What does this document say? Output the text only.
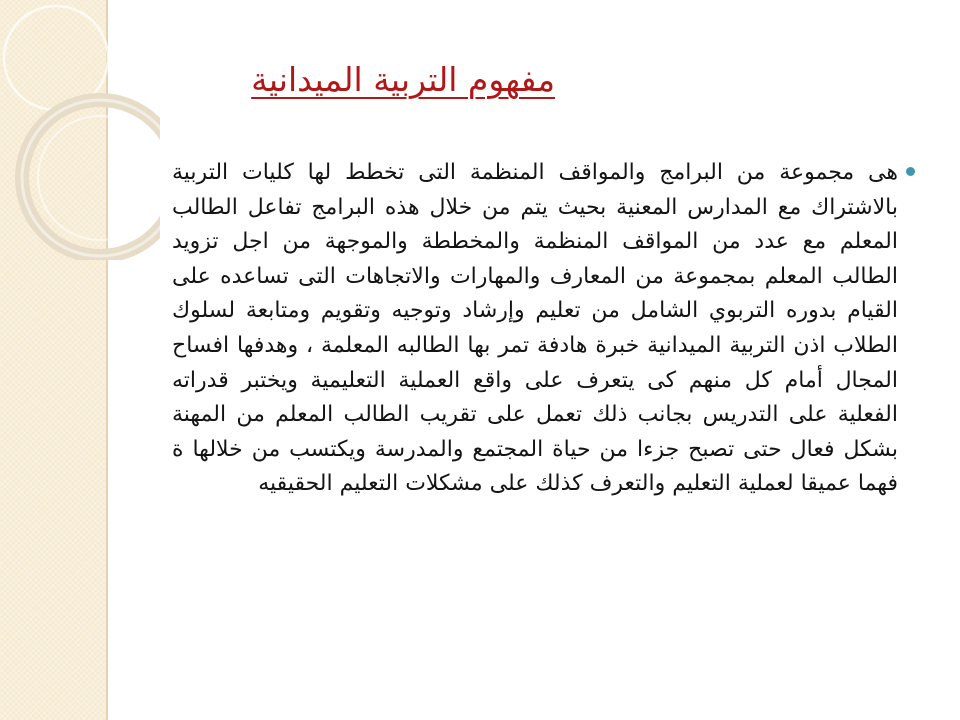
مفهوم التربية الميدانية

هى مجموعة من البرامج والمواقف المنظمة التى تخطط لها كليات التربية بالاشتراك مع المدارس المعنية بحيث يتم من خلال هذه البرامج تفاعل الطالب المعلم مع عدد من المواقف المنظمة والمخططة والموجهة من اجل تزويد الطالب المعلم بمجموعة من المعارف والمهارات والاتجاهات التى تساعده على القيام بدوره التربوي الشامل من تعليم وإرشاد وتوجيه وتقويم ومتابعة لسلوك الطلاب اذن التربية الميدانية خبرة هادفة تمر بها الطالبه المعلمة ، وهدفها افساح المجال أمام كل منهم كى يتعرف على واقع العملية التعليمية ويختبر قدراته الفعلية على التدريس بجانب ذلك تعمل على تقريب الطالب المعلم من المهنة بشكل فعال حتى تصبح جزءا من حياة المجتمع والمدرسة ويكتسب من خلالها ة فهما عميقا لعملية التعليم والتعرف كذلك على مشكلات التعليم الحقيقيه
